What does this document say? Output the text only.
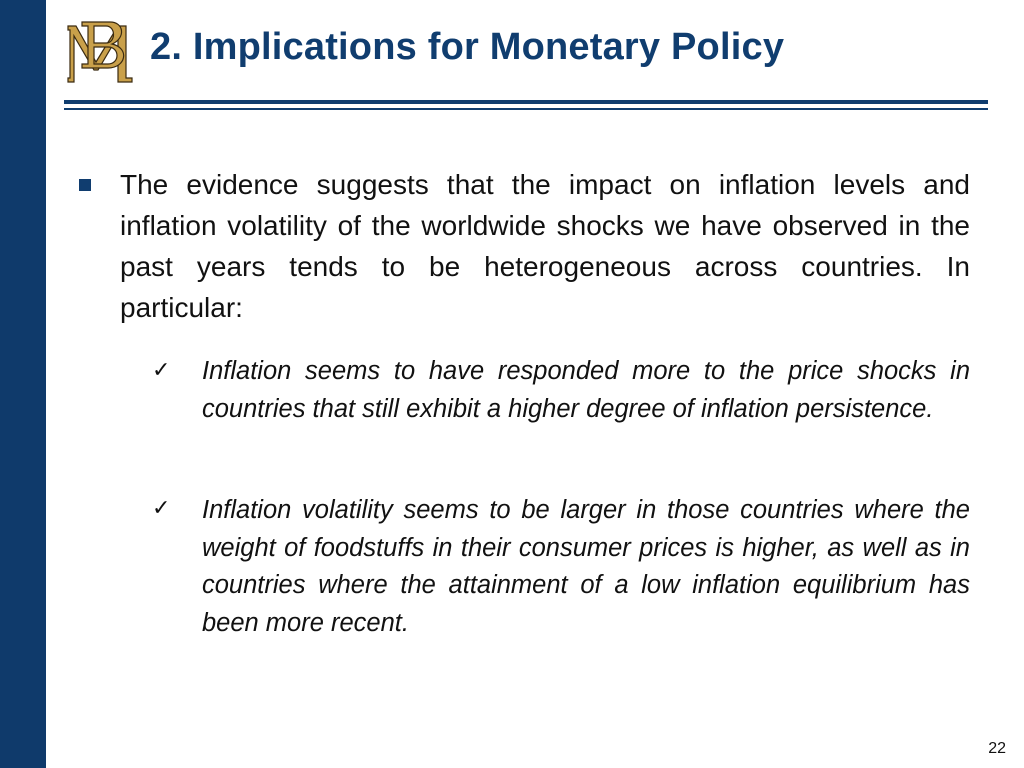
2. Implications for Monetary Policy
The evidence suggests that the impact on inflation levels and inflation volatility of the worldwide shocks we have observed in the past years tends to be heterogeneous across countries. In particular:
✓ Inflation seems to have responded more to the price shocks in countries that still exhibit a higher degree of inflation persistence.
✓ Inflation volatility seems to be larger in those countries where the weight of foodstuffs in their consumer prices is higher, as well as in countries where the attainment of a low inflation equilibrium has been more recent.
22
